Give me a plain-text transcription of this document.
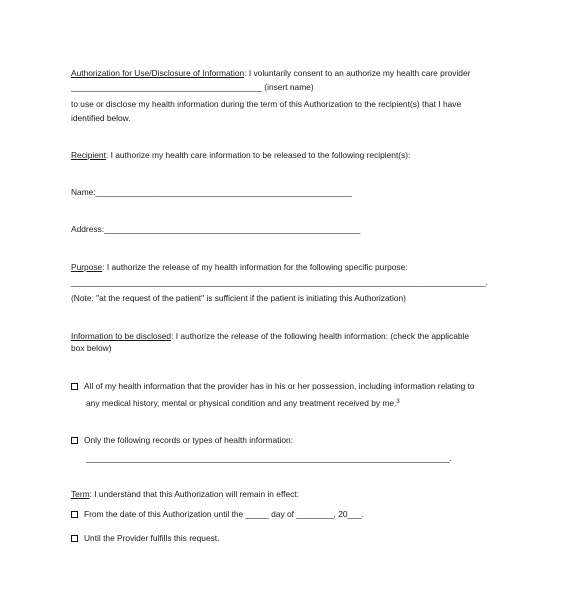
Authorization for Use/Disclosure of Information: I voluntarily consent to an authorize my health care provider
_________________________________________ (insert name)
to use or disclose my health information during the term of this Authorization to the recipient(s) that I have
identified below.
Recipient: I authorize my health care information to be released to the following recipient(s):
Name:_______________________________________________________
Address:_______________________________________________________
Purpose: I authorize the release of my health information for the following specific purpose:
_________________________________________________________________________________________.
(Note: "at the request of the patient" is sufficient if the patient is initiating this Authorization)
Information to be disclosed: I authorize the release of the following health information: (check the applicable
box below)
All of my health information that the provider has in his or her possession, including information relating to
any medical history, mental or physical condition and any treatment received by me.$^3$
Only the following records or types of health information:
______________________________________________________________________________.
Term: I understand that this Authorization will remain in effect:
From the date of this Authorization until the _____ day of ________, 20___.
Until the Provider fulfills this request.
